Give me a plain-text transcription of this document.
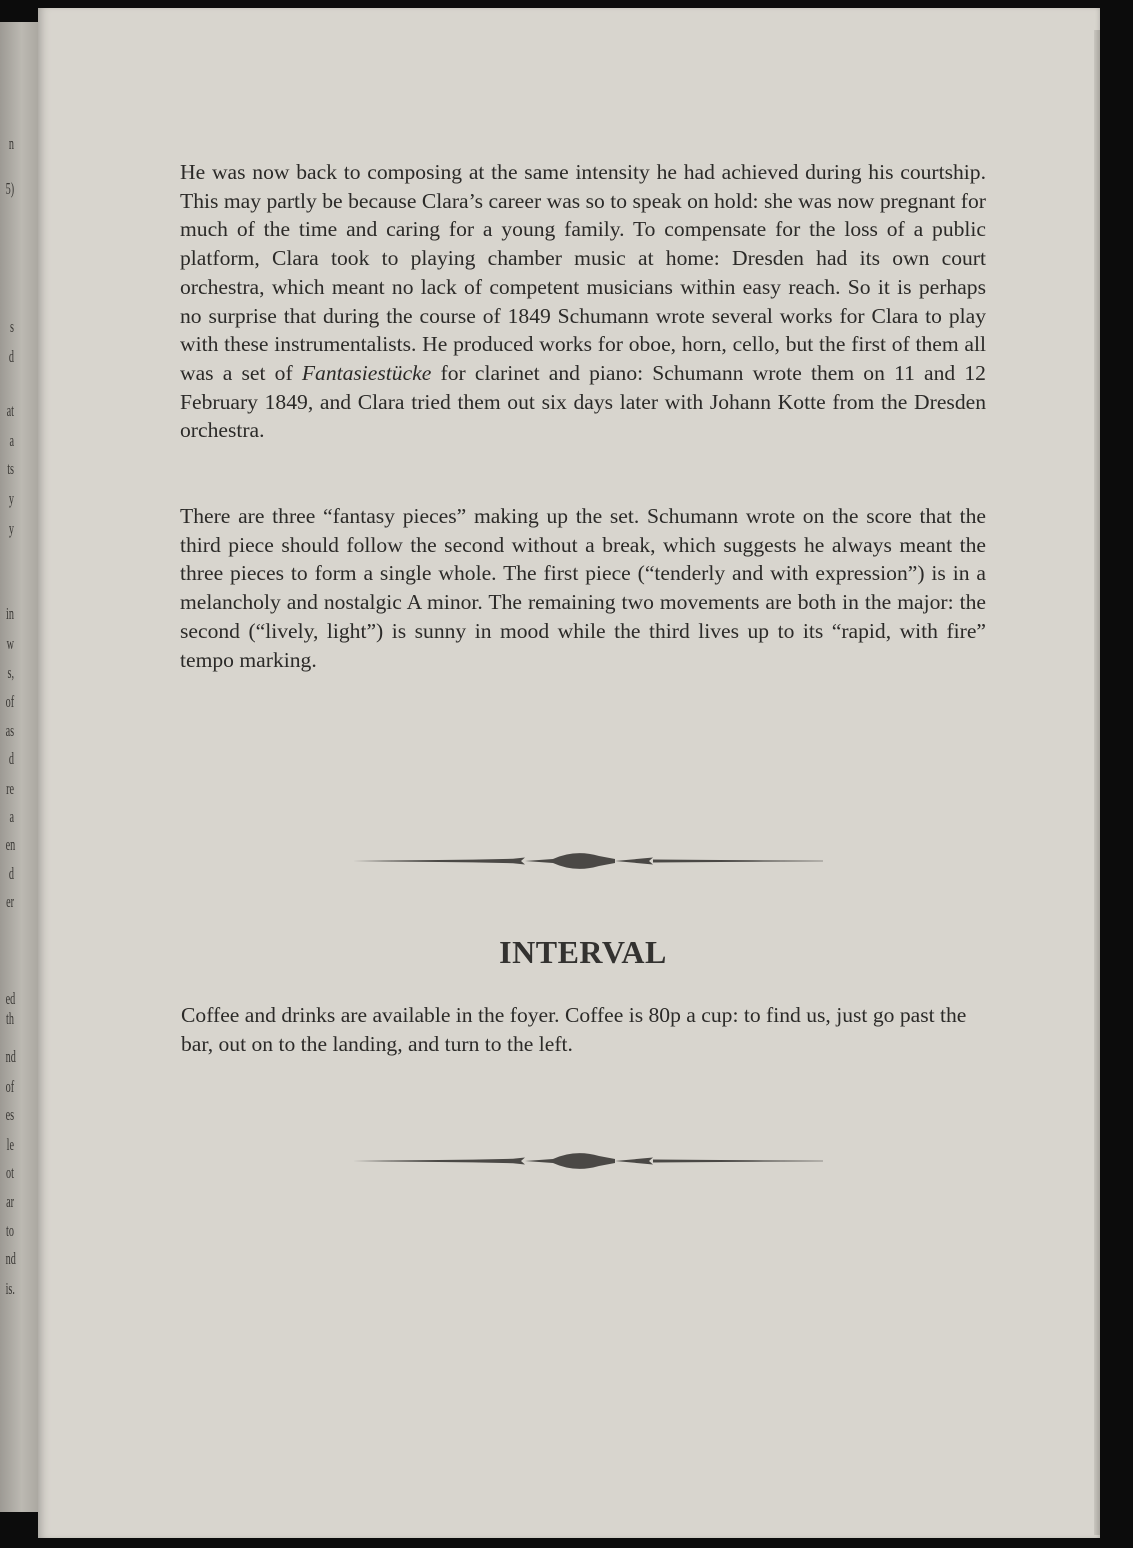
n
5)
s
d
at
a
ts
y
y
in
w
s,
of
as
d
re
a
en
d
er
ed
th
nd
of
es
le
ot
ar
to
nd
is.

He was now back to composing at the same intensity he had achieved during his courtship. This may partly be because Clara’s career was so to speak on hold: she was now pregnant for much of the time and caring for a young family. To compensate for the loss of a public platform, Clara took to playing chamber music at home: Dresden had its own court orchestra, which meant no lack of competent musicians within easy reach. So it is perhaps no surprise that during the course of 1849 Schumann wrote several works for Clara to play with these instrumentalists. He produced works for oboe, horn, cello, but the first of them all was a set of Fantasiestücke for clarinet and piano: Schumann wrote them on 11 and 12 February 1849, and Clara tried them out six days later with Johann Kotte from the Dresden orchestra.

There are three “fantasy pieces” making up the set. Schumann wrote on the score that the third piece should follow the second without a break, which suggests he always meant the three pieces to form a single whole. The first piece (“tenderly and with expression”) is in a melancholy and nostalgic A minor. The remaining two movements are both in the major: the second (“lively, light”) is sunny in mood while the third lives up to its “rapid, with fire” tempo marking.

INTERVAL

Coffee and drinks are available in the foyer. Coffee is 80p a cup: to find us, just go past the bar, out on to the landing, and turn to the left.
